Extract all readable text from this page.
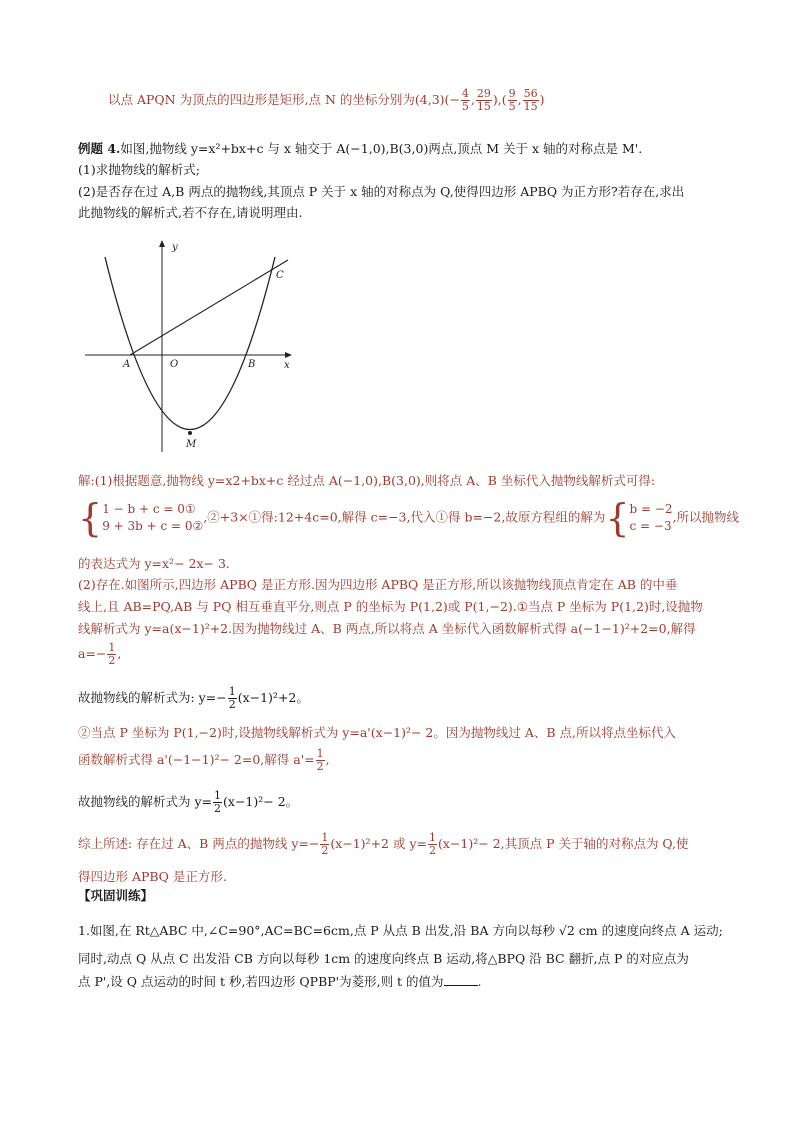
以点 APQN 为顶点的四边形是矩形,点 N 的坐标分别为$(4,3)(- \frac{4}{5}$ , $\frac{29}{15}$ ),( $\frac{9}{5}$ , $\frac{56}{15}$ )
例题 4.如图,抛物线 y=x²+bx+c 与 x 轴交于 A(−1,0),B(3,0)两点,顶点 M 关于 x 轴的对称点是 M'.
(1)求抛物线的解析式;
(2)是否存在过 A,B 两点的抛物线,其顶点 P 关于 x 轴的对称点为 Q,使得四边形 APBQ 为正方形?若存在,求出
此抛物线的解析式,若不存在,请说明理由.
y
x
A	O	B
C
M
解:(1)根据题意,抛物线 y=x2+bx+c 经过点 A(−1,0),B(3,0),则将点 A、B 坐标代入抛物线解析式可得:
{ 1 − b + c = 0①
9 + 3b + c = 0②
,②+3×①得:12+4c=0,解得 c=−3,代入①得 b=−2,故原方程组的解为{ b = −2
c = −3
,所以抛物线
的表达式为 y=x²− 2x− 3.
(2)存在.如图所示,四边形 APBQ 是正方形.因为四边形 APBQ 是正方形,所以该抛物线顶点肯定在 AB 的中垂
线上,且 AB=PQ,AB 与 PQ 相互垂直平分,则点 P 的坐标为 P(1,2)或 P(1,−2).①当点 P 坐标为 P(1,2)时,设抛物
线解析式为 y=a(x−1)²+2.因为抛物线过 A、B 两点,所以将点 A 坐标代入函数解析式得 a(−1−1)²+2=0,解得
$a=- \frac{1}{2}$ ,
故抛物线的解析式为: $y=- \frac{1}{2} (x-1)^2+2$。
②当点 P 坐标为 P(1,−2)时,设抛物线解析式为 y=a'(x−1)²− 2。因为抛物线过 A、B 点,所以将点坐标代入
函数解析式得 a'(−1−1)²− 2=0,解得 $a'= \frac{1}{2}$ ,
故抛物线的解析式为 $y= \frac{1}{2} (x-1)^2- 2$。
综上所述: 存在过 A、B 两点的抛物线 $y=- \frac{1}{2} (x-1)^2+2$ 或 $y= \frac{1}{2} (x-1)^2- 2$,其顶点 P 关于轴的对称点为 Q,使
得四边形 APBQ 是正方形.
【巩固训练】
1.如图,在 Rt△ABC 中,∠C=90°,AC=BC=6cm,点 P 从点 B 出发,沿 BA 方向以每秒 √2 cm 的速度向终点 A 运动;
同时,动点 Q 从点 C 出发沿 CB 方向以每秒 1cm 的速度向终点 B 运动,将△BPQ 沿 BC 翻折,点 P 的对应点为
点 P',设 Q 点运动的时间 t 秒,若四边形 QPBP'为菱形,则 t 的值为	.
